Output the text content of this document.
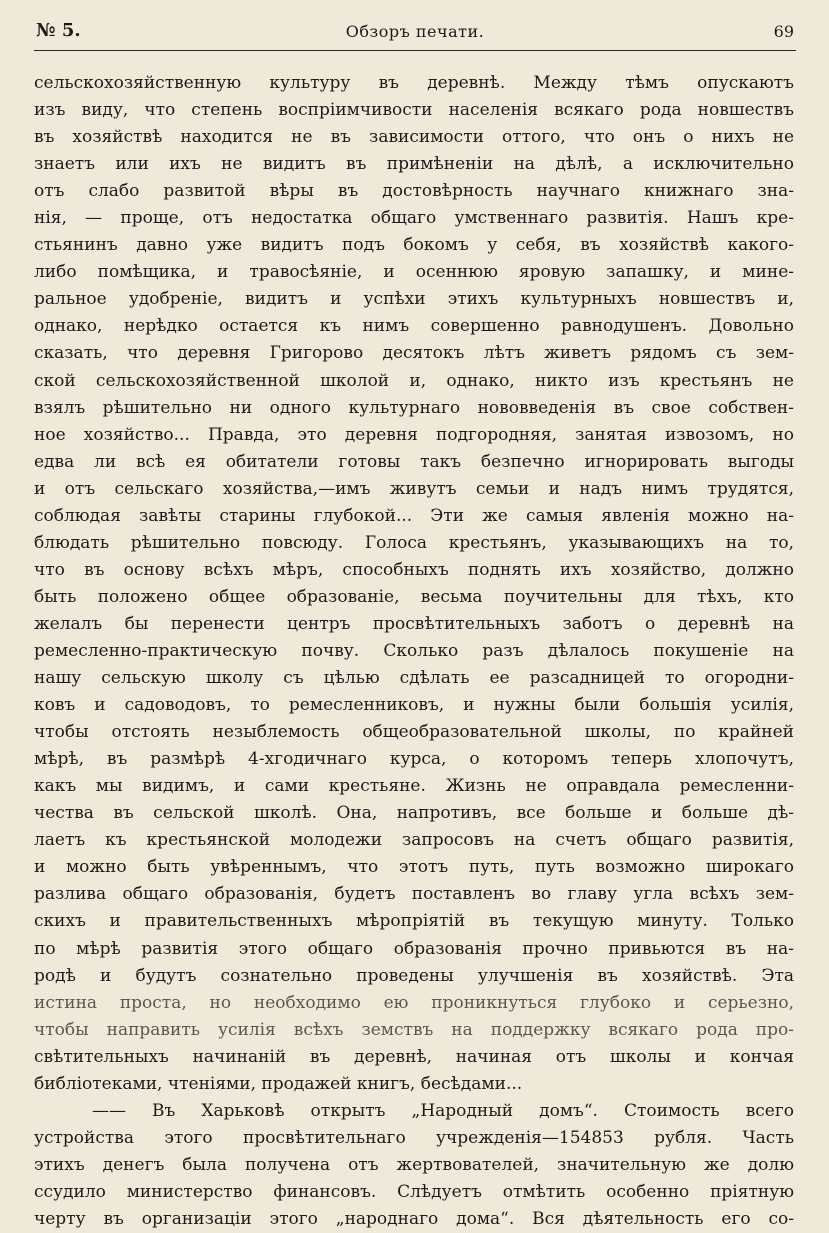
№ 5.	Обзоръ печати.	69
сельскохозяйственную культуру въ деревнѣ. Между тѣмъ опускаютъ
изъ виду, что степень воспріимчивости населенія всякаго рода новшествъ
въ хозяйствѣ находится не въ зависимости оттого, что онъ о нихъ не
знаетъ или ихъ не видитъ въ примѣненіи на дѣлѣ, а исключительно
отъ слабо развитой вѣры въ достовѣрность научнаго книжнаго зна-
нія, — проще, отъ недостатка общаго умственнаго развитія. Нашъ кре-
стьянинъ давно уже видитъ подъ бокомъ у себя, въ хозяйствѣ какого-
либо помѣщика, и травосѣяніе, и осеннюю яровую запашку, и мине-
ральное удобреніе, видитъ и успѣхи этихъ культурныхъ новшествъ и,
однако, нерѣдко остается къ нимъ совершенно равнодушенъ. Довольно
сказать, что деревня Григорово десятокъ лѣтъ живетъ рядомъ съ зем-
ской сельскохозяйственной школой и, однако, никто изъ крестьянъ не
взялъ рѣшительно ни одного культурнаго нововведенія въ свое собствен-
ное хозяйство... Правда, это деревня подгородняя, занятая извозомъ, но
едва ли всѣ ея обитатели готовы такъ безпечно игнорировать выгоды
и отъ сельскаго хозяйства,—имъ живутъ семьи и надъ нимъ трудятся,
соблюдая завѣты старины глубокой... Эти же самыя явленія можно на-
блюдать рѣшительно повсюду. Голоса крестьянъ, указывающихъ на то,
что въ основу всѣхъ мѣръ, способныхъ поднять ихъ хозяйство, должно
быть положено общее образованіе, весьма поучительны для тѣхъ, кто
желалъ бы перенести центръ просвѣтительныхъ заботъ о деревнѣ на
ремесленно-практическую почву. Сколько разъ дѣлалось покушеніе на
нашу сельскую школу съ цѣлью сдѣлать ее разсадницей то огородни-
ковъ и садоводовъ, то ремесленниковъ, и нужны были большія усилія,
чтобы отстоять незыблемость общеобразовательной школы, по крайней
мѣрѣ, въ размѣрѣ 4-хгодичнаго курса, о которомъ теперь хлопочутъ,
какъ мы видимъ, и сами крестьяне. Жизнь не оправдала ремесленни-
чества въ сельской школѣ. Она, напротивъ, все больше и больше дѣ-
лаетъ къ крестьянской молодежи запросовъ на счетъ общаго развитія,
и можно быть увѣреннымъ, что этотъ путь, путь возможно широкаго
разлива общаго образованія, будетъ поставленъ во главу угла всѣхъ зем-
скихъ и правительственныхъ мѣропріятій въ текущую минуту. Только
по мѣрѣ развитія этого общаго образованія прочно привьются въ на-
родѣ и будутъ сознательно проведены улучшенія въ хозяйствѣ. Эта
истина проста, но необходимо ею проникнуться глубоко и серьезно,
чтобы направить усилія всѣхъ земствъ на поддержку всякаго рода про-
свѣтительныхъ начинаній въ деревнѣ, начиная отъ школы и кончая
библіотеками, чтеніями, продажей книгъ, бесѣдами...
—— Въ Харьковѣ открытъ „Народный домъ“. Стоимость всего
устройства этого просвѣтительнаго учрежденія—154853 рубля. Часть
этихъ денегъ была получена отъ жертвователей, значительную же долю
ссудило министерство финансовъ. Слѣдуетъ отмѣтить особенно пріятную
черту въ организаціи этого „народнаго дома“. Вся дѣятельность его со-
